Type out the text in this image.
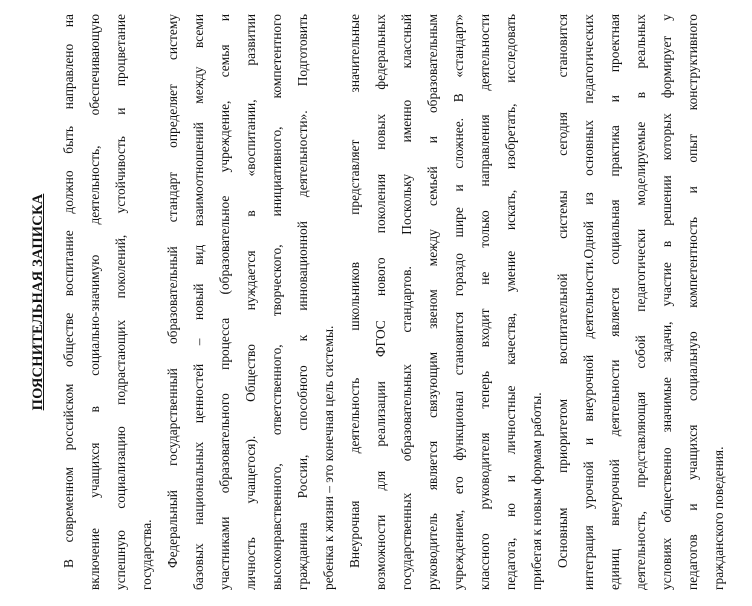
ПОЯСНИТЕЛЬНАЯ ЗАПИСКА	В современном российском обществе воспитание должно быть направлено на включение учащихся в социально-значимую деятельность, обеспечивающую успешную социализацию подрастающих поколений, устойчивость и процветание государства. Федеральный государственный образовательный стандарт определяет систему базовых национальных ценностей – новый вид взаимоотношений между всеми участниками образовательного процесса (образовательное учреждение, семья и личность учащегося). Общество нуждается в «воспитании, развитии высоконравственного, ответственного, творческого, инициативного, компетентного гражданина России, способного к инновационной деятельности». Подготовить ребенка к жизни – это конечная цель системы. Внеурочная деятельность школьников представляет значительные возможности для реализации ФГОС нового поколения новых федеральных государственных образовательных стандартов. Поскольку именно классный руководитель является связующим звеном между семьей и образовательным учреждением, его функционал становится гораздо шире и сложнее. В «стандарт» классного руководителя теперь входит не только направления деятельности педагога, но и личностные качества, умение искать, изобретать, исследовать прибегая к новым формам работы. Основным приоритетом воспитательной системы сегодня становится интеграция урочной и внеурочной деятельности.Одной из основных педагогических единиц внеурочной деятельности является социальная практика и проектная деятельность, представляющая собой педагогически моделируемые в реальных условиях общественно значимые задачи, участие в решении которых формирует у педагогов и учащихся социальную компетентность и опыт конструктивного гражданского поведения.
